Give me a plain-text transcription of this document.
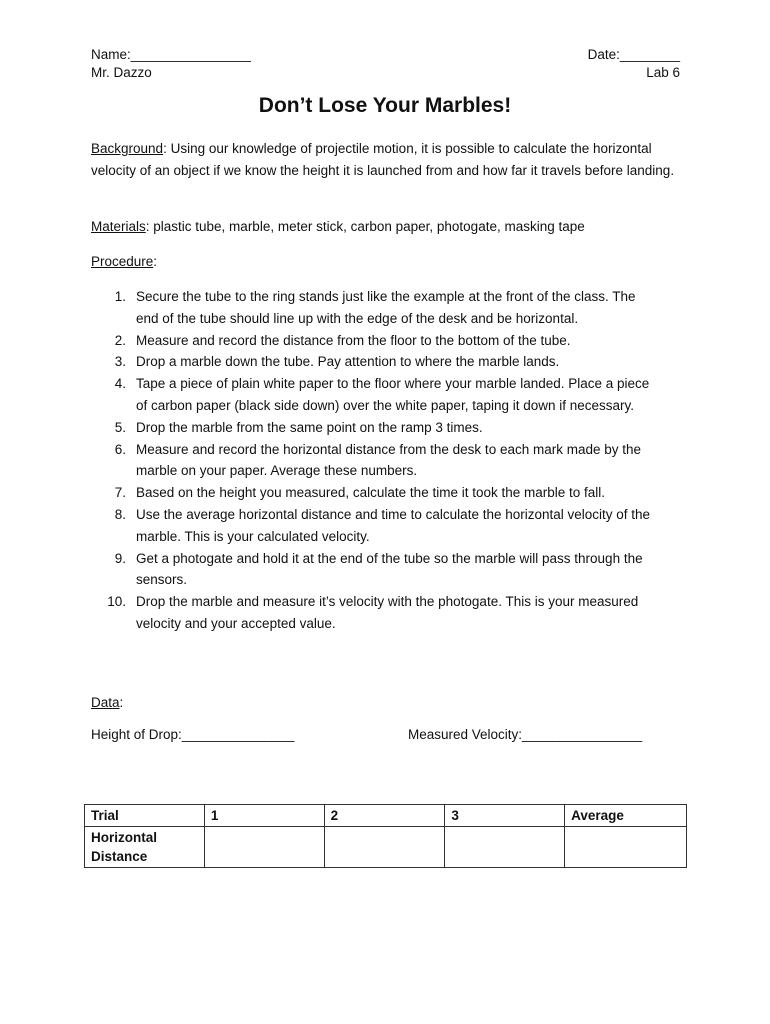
Name:________________	Date:________
Mr. Dazzo	Lab 6
Don’t Lose Your Marbles!
Background: Using our knowledge of projectile motion, it is possible to calculate the horizontal velocity of an object if we know the height it is launched from and how far it travels before landing.
Materials: plastic tube, marble, meter stick, carbon paper, photogate, masking tape
Procedure:
1. Secure the tube to the ring stands just like the example at the front of the class. The
end of the tube should line up with the edge of the desk and be horizontal.
2. Measure and record the distance from the floor to the bottom of the tube.
3. Drop a marble down the tube. Pay attention to where the marble lands.
4. Tape a piece of plain white paper to the floor where your marble landed. Place a piece
of carbon paper (black side down) over the white paper, taping it down if necessary.
5. Drop the marble from the same point on the ramp 3 times.
6. Measure and record the horizontal distance from the desk to each mark made by the
marble on your paper. Average these numbers.
7. Based on the height you measured, calculate the time it took the marble to fall.
8. Use the average horizontal distance and time to calculate the horizontal velocity of the
marble. This is your calculated velocity.
9. Get a photogate and hold it at the end of the tube so the marble will pass through the
sensors.
10. Drop the marble and measure it’s velocity with the photogate. This is your measured
velocity and your accepted value.
Data:
Height of Drop:_______________	Measured Velocity:________________
Trial	1	2	3	Average

Horizontal
Distance				
